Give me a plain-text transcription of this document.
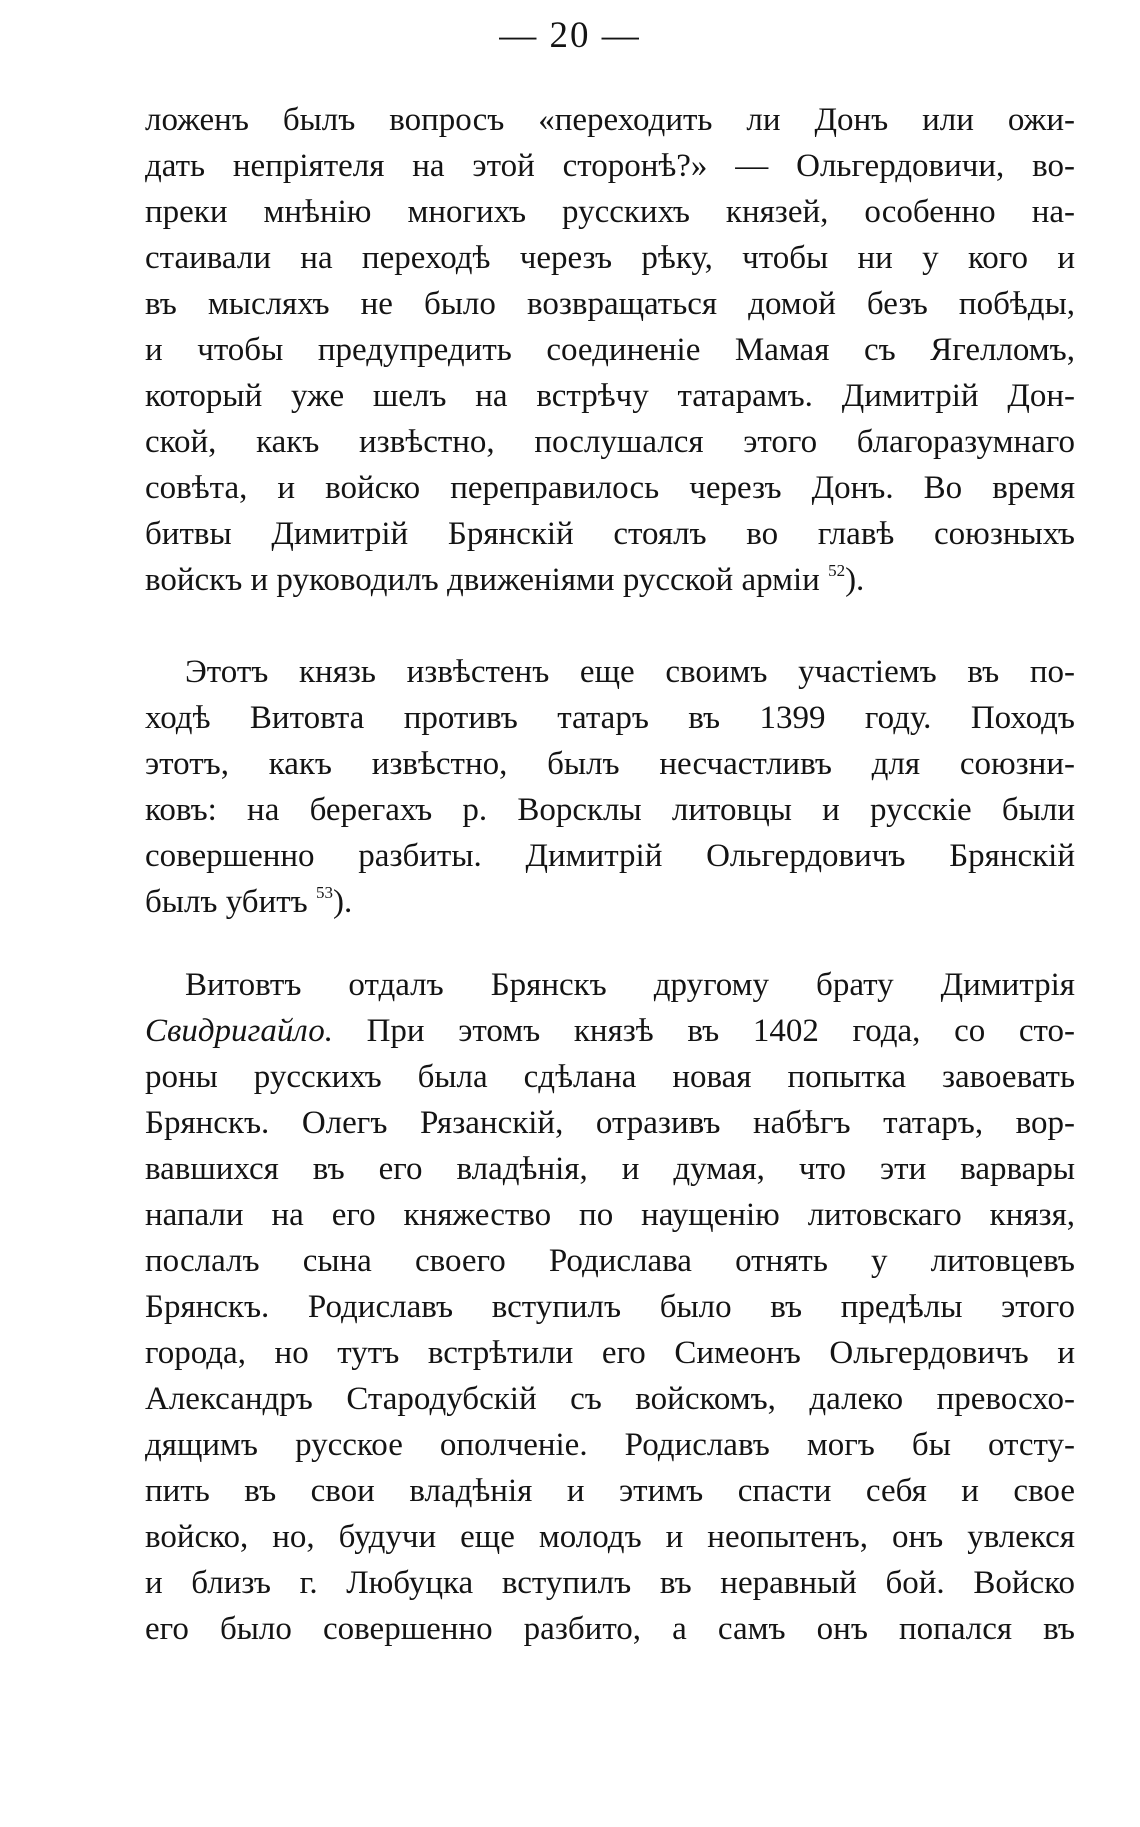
— 20 —
ложенъ былъ вопросъ «переходить ли Донъ или ожи-
дать непріятеля на этой сторонѣ?» — Ольгердовичи, во-
преки мнѣнію многихъ русскихъ князей, особенно на-
стаивали на переходѣ черезъ рѣку, чтобы ни у кого и
въ мысляхъ не было возвращаться домой безъ побѣды,
и чтобы предупредить соединеніе Мамая съ Ягелломъ,
который уже шелъ на встрѣчу татарамъ. Димитрій Дон-
ской, какъ извѣстно, послушался этого благоразумнаго
совѣта, и войско переправилось черезъ Донъ. Во время
битвы Димитрій Брянскій стоялъ во главѣ союзныхъ
войскъ и руководилъ движеніями русской арміи $^{52}$).
Этотъ князь извѣстенъ еще своимъ участіемъ въ по-
ходѣ Витовта противъ татаръ въ 1399 году. Походъ
этотъ, какъ извѣстно, былъ несчастливъ для союзни-
ковъ: на берегахъ р. Ворсклы литовцы и русскіе были
совершенно разбиты. Димитрій Ольгердовичъ Брянскій
былъ убитъ $^{53}$).
Витовтъ отдалъ Брянскъ другому брату Димитрія
Свидригайло. При этомъ князѣ въ 1402 года, со сто-
роны русскихъ была сдѣлана новая попытка завоевать
Брянскъ. Олегъ Рязанскій, отразивъ набѣгъ татаръ, вор-
вавшихся въ его владѣнія, и думая, что эти варвары
напали на его княжество по наущенію литовскаго князя,
послалъ сына своего Родислава отнять у литовцевъ
Брянскъ. Родиславъ вступилъ было въ предѣлы этого
города, но тутъ встрѣтили его Симеонъ Ольгердовичъ и
Александръ Стародубскій съ войскомъ, далеко превосхо-
дящимъ русское ополченіе. Родиславъ могъ бы отсту-
пить въ свои владѣнія и этимъ спасти себя и свое
войско, но, будучи еще молодъ и неопытенъ, онъ увлекся
и близъ г. Любуцка вступилъ въ неравный бой. Войско
его было совершенно разбито, а самъ онъ попался въ
